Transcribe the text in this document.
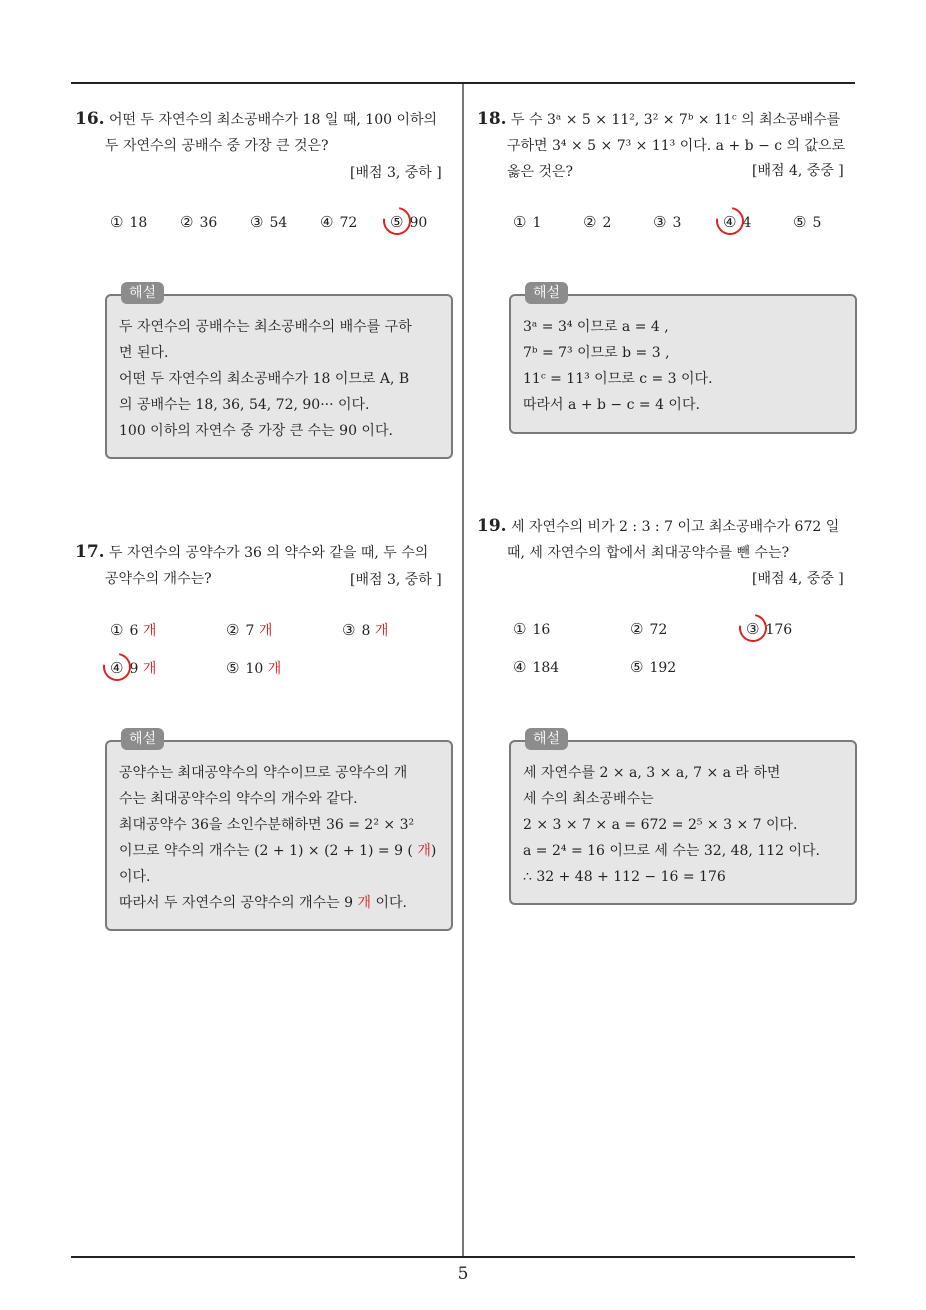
5
16. 어떤 두 자연수의 최소공배수가 18 일 때, 100 이하의
두 자연수의 공배수 중 가장 큰 것은?
[배점 3, 중하 ]
① 18 ② 36 ③ 54 ④ 72 ⑤ 90
해설
두 자연수의 공배수는 최소공배수의 배수를 구하
면 된다.
어떤 두 자연수의 최소공배수가 18 이므로 A, B
의 공배수는 18, 36, 54, 72, 90··· 이다.
100 이하의 자연수 중 가장 큰 수는 90 이다.
17. 두 자연수의 공약수가 36 의 약수와 같을 때, 두 수의
공약수의 개수는?	[배점 3, 중하 ]
① 6 개	② 7 개	③ 8 개
④ 9 개	⑤ 10 개
해설
공약수는 최대공약수의 약수이므로 공약수의 개
수는 최대공약수의 약수의 개수와 같다.
최대공약수 36을 소인수분해하면 36 = 2² × 3²
이므로 약수의 개수는 (2 + 1) × (2 + 1) = 9 ( 개)
이다.
따라서 두 자연수의 공약수의 개수는 9 개 이다.
18. 두 수 3ᵃ × 5 × 11², 3² × 7ᵇ × 11ᶜ 의 최소공배수를
구하면 3⁴ × 5 × 7³ × 11³ 이다. a + b − c 의 값으로
옳은 것은?	[배점 4, 중중 ]
① 1	② 2	③ 3	④ 4	⑤ 5
해설
3ᵃ = 3⁴ 이므로 a = 4 ,
7ᵇ = 7³ 이므로 b = 3 ,
11ᶜ = 11³ 이므로 c = 3 이다.
따라서 a + b − c = 4 이다.
19. 세 자연수의 비가 2 : 3 : 7 이고 최소공배수가 672 일
때, 세 자연수의 합에서 최대공약수를 뺀 수는?
[배점 4, 중중 ]
① 16	② 72	③ 176
④ 184	⑤ 192
해설
세 자연수를 2 × a, 3 × a, 7 × a 라 하면
세 수의 최소공배수는
2 × 3 × 7 × a = 672 = 2⁵ × 3 × 7 이다.
a = 2⁴ = 16 이므로 세 수는 32, 48, 112 이다.
∴ 32 + 48 + 112 − 16 = 176
